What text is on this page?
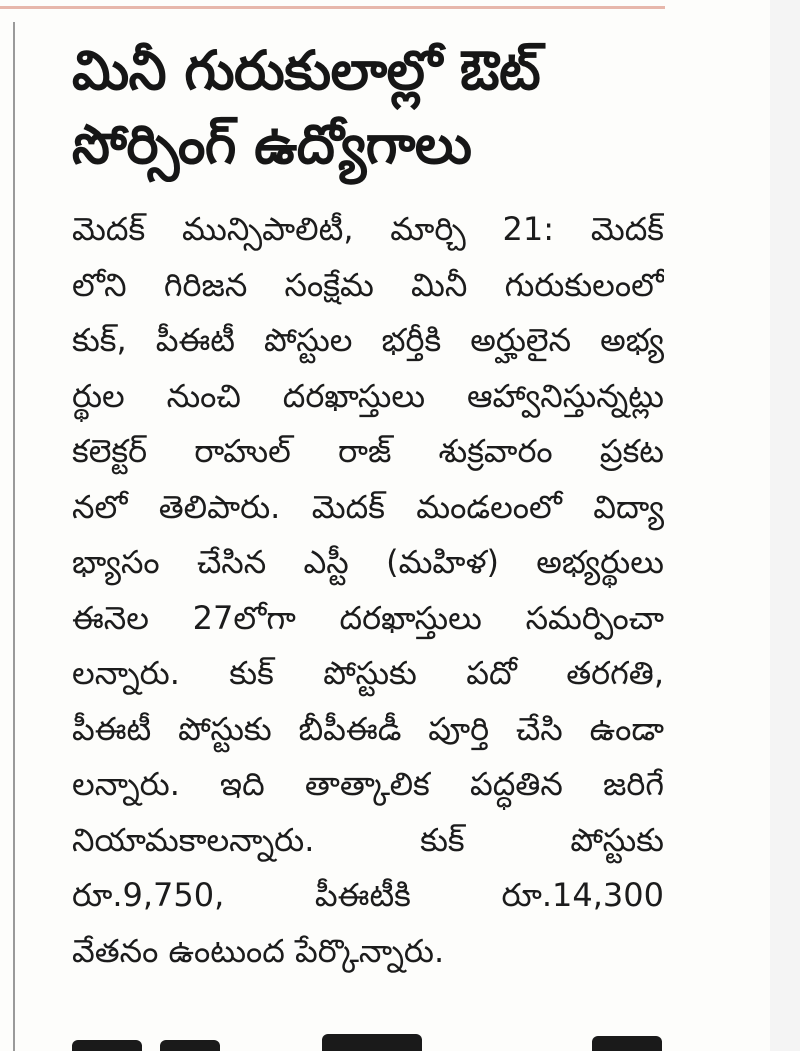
మినీ గురుకులాల్లో ఔట్
సోర్సింగ్ ఉద్యోగాలు
మెదక్ మున్సిపాలిటీ, మార్చి 21: మెదక్
లోని గిరిజన సంక్షేమ మినీ గురుకులంలో
కుక్, పీఈటీ పోస్టుల భర్తీకి అర్హులైన అభ్య
ర్థుల నుంచి దరఖాస్తులు ఆహ్వానిస్తున్నట్లు
కలెక్టర్ రాహుల్ రాజ్ శుక్రవారం ప్రకట
నలో తెలిపారు. మెదక్ మండలంలో విద్యా
భ్యాసం చేసిన ఎస్టీ (మహిళ) అభ్యర్థులు
ఈనెల 27లోగా దరఖాస్తులు సమర్పించా
లన్నారు. కుక్ పోస్టుకు పదో తరగతి,
పీఈటీ పోస్టుకు బీపీఈడీ పూర్తి చేసి ఉండా
లన్నారు. ఇది తాత్కాలిక పద్ధతిన జరిగే
నియామకాలన్నారు. కుక్ పోస్టుకు
రూ.9,750, పీఈటీకి రూ.14,300
వేతనం ఉంటుంద పేర్కొన్నారు.
